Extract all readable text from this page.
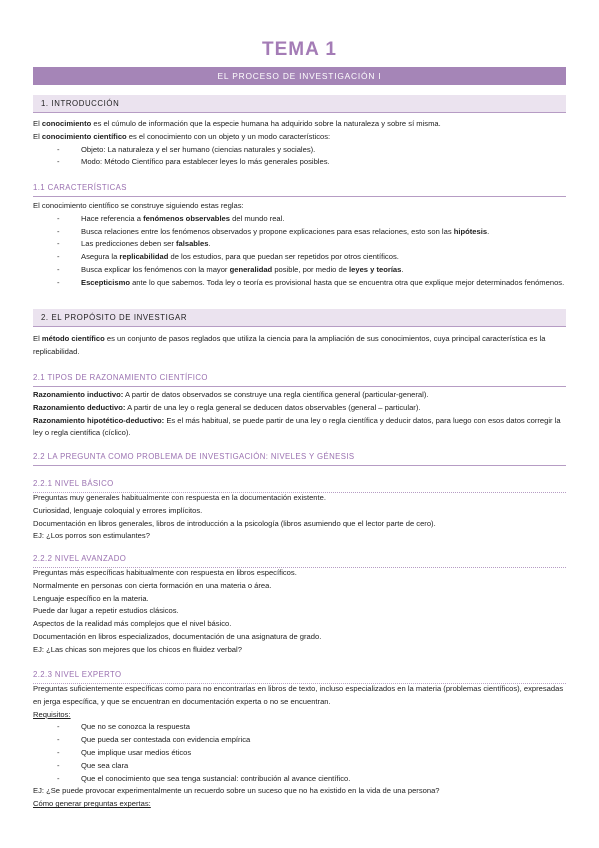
TEMA 1
EL PROCESO DE INVESTIGACIÓN I
1. INTRODUCCIÓN

El conocimiento es el cúmulo de información que la especie humana ha adquirido sobre la naturaleza y sobre sí misma.

El conocimiento científico es el conocimiento con un objeto y un modo característicos:

- Objeto: La naturaleza y el ser humano (ciencias naturales y sociales).
- Modo: Método Científico para establecer leyes lo más generales posibles.
1.1 CARACTERÍSTICAS

El conocimiento científico se construye siguiendo estas reglas:

- Hace referencia a fenómenos observables del mundo real.
- Busca relaciones entre los fenómenos observados y propone explicaciones para esas relaciones, esto son las hipótesis.
- Las predicciones deben ser falsables.
- Asegura la replicabilidad de los estudios, para que puedan ser repetidos por otros científicos.
- Busca explicar los fenómenos con la mayor generalidad posible, por medio de leyes y teorías.
- Escepticismo ante lo que sabemos. Toda ley o teoría es provisional hasta que se encuentra otra que explique mejor determinados fenómenos.
2. EL PROPÓSITO DE INVESTIGAR

El método científico es un conjunto de pasos reglados que utiliza la ciencia para la ampliación de sus conocimientos, cuya principal característica es la replicabilidad.

2.1 TIPOS DE RAZONAMIENTO CIENTÍFICO

Razonamiento inductivo: A partir de datos observados se construye una regla científica general (particular-general).

Razonamiento deductivo: A partir de una ley o regla general se deducen datos observables (general – particular).

Razonamiento hipotético-deductivo: Es el más habitual, se puede partir de una ley o regla científica y deducir datos, para luego con esos datos corregir la ley o regla científica (cíclico).

2.2 LA PREGUNTA COMO PROBLEMA DE INVESTIGACIÓN: NIVELES Y GÉNESIS
2.2.1 NIVEL BÁSICO

Preguntas muy generales habitualmente con respuesta en la documentación existente.

Curiosidad, lenguaje coloquial y errores implícitos.

Documentación en libros generales, libros de introducción a la psicología (libros asumiendo que el lector parte de cero).

EJ: ¿Los porros son estimulantes?

2.2.2 NIVEL AVANZADO

Preguntas más específicas habitualmente con respuesta en libros específicos.

Normalmente en personas con cierta formación en una materia o área.

Lenguaje específico en la materia.

Puede dar lugar a repetir estudios clásicos.

Aspectos de la realidad más complejos que el nivel básico.

Documentación en libros especializados, documentación de una asignatura de grado.

EJ: ¿Las chicas son mejores que los chicos en fluidez verbal?

2.2.3 NIVEL EXPERTO

Preguntas suficientemente específicas como para no encontrarlas en libros de texto, incluso especializados en la materia (problemas científicos), expresadas en jerga específica, y que se encuentran en documentación experta o no se encuentran.

Requisitos:

- Que no se conozca la respuesta
- Que pueda ser contestada con evidencia empírica
- Que implique usar medios éticos
- Que sea clara
- Que el conocimiento que sea tenga sustancial: contribución al avance científico.

EJ: ¿Se puede provocar experimentalmente un recuerdo sobre un suceso que no ha existido en la vida de una persona?

Cómo generar preguntas expertas:
